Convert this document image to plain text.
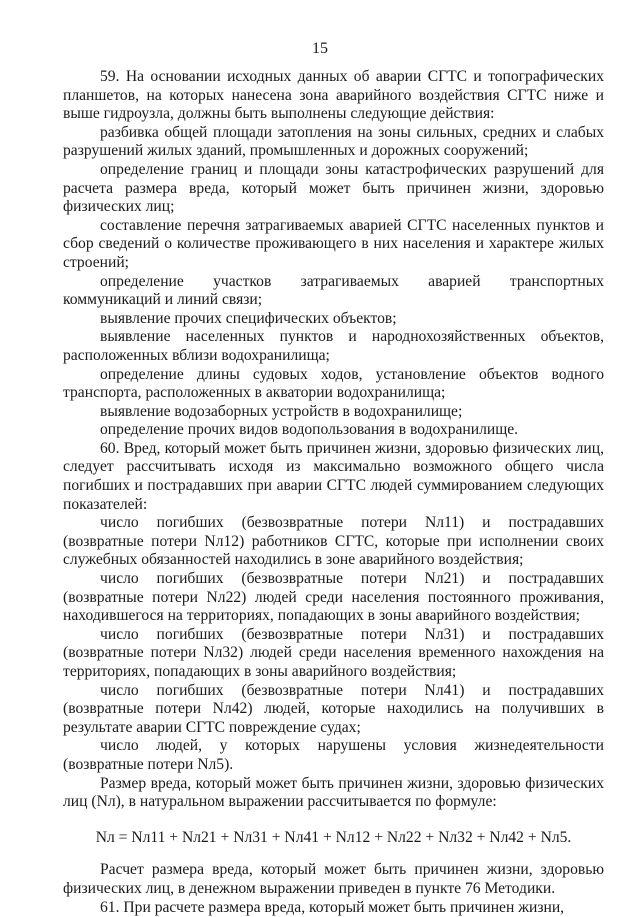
15

59. На основании исходных данных об аварии СГТС и топографических планшетов, на которых нанесена зона аварийного воздействия СГТС ниже и выше гидроузла, должны быть выполнены следующие действия:

разбивка общей площади затопления на зоны сильных, средних и слабых разрушений жилых зданий, промышленных и дорожных сооружений;

определение границ и площади зоны катастрофических разрушений для расчета размера вреда, который может быть причинен жизни, здоровью физических лиц;

составление перечня затрагиваемых аварией СГТС населенных пунктов и сбор сведений о количестве проживающего в них населения и характере жилых строений;

определение участков затрагиваемых аварией транспортных коммуникаций и линий связи;

выявление прочих специфических объектов;

выявление населенных пунктов и народнохозяйственных объектов, расположенных вблизи водохранилища;

определение длины судовых ходов, установление объектов водного транспорта, расположенных в акватории водохранилища;

выявление водозаборных устройств в водохранилище;

определение прочих видов водопользования в водохранилище.

60. Вред, который может быть причинен жизни, здоровью физических лиц, следует рассчитывать исходя из максимально возможного общего числа погибших и пострадавших при аварии СГТС людей суммированием следующих показателей:

число погибших (безвозвратные потери Nл11) и пострадавших (возвратные потери Nл12) работников СГТС, которые при исполнении своих служебных обязанностей находились в зоне аварийного воздействия;

число погибших (безвозвратные потери Nл21) и пострадавших (возвратные потери Nл22) людей среди населения постоянного проживания, находившегося на территориях, попадающих в зоны аварийного воздействия;

число погибших (безвозвратные потери Nл31) и пострадавших (возвратные потери Nл32) людей среди населения временного нахождения на территориях, попадающих в зоны аварийного воздействия;

число погибших (безвозвратные потери Nл41) и пострадавших (возвратные потери Nл42) людей, которые находились на получивших в результате аварии СГТС повреждение судах;

число людей, у которых нарушены условия жизнедеятельности (возвратные потери Nл5).

Размер вреда, который может быть причинен жизни, здоровью физических лиц (Nл), в натуральном выражении рассчитывается по формуле:

Nл = Nл11 + Nл21 + Nл31 + Nл41 + Nл12 + Nл22 + Nл32 + Nл42 + Nл5.

Расчет размера вреда, который может быть причинен жизни, здоровью физических лиц, в денежном выражении приведен в пункте 76 Методики.

61. При расчете размера вреда, который может быть причинен жизни,
